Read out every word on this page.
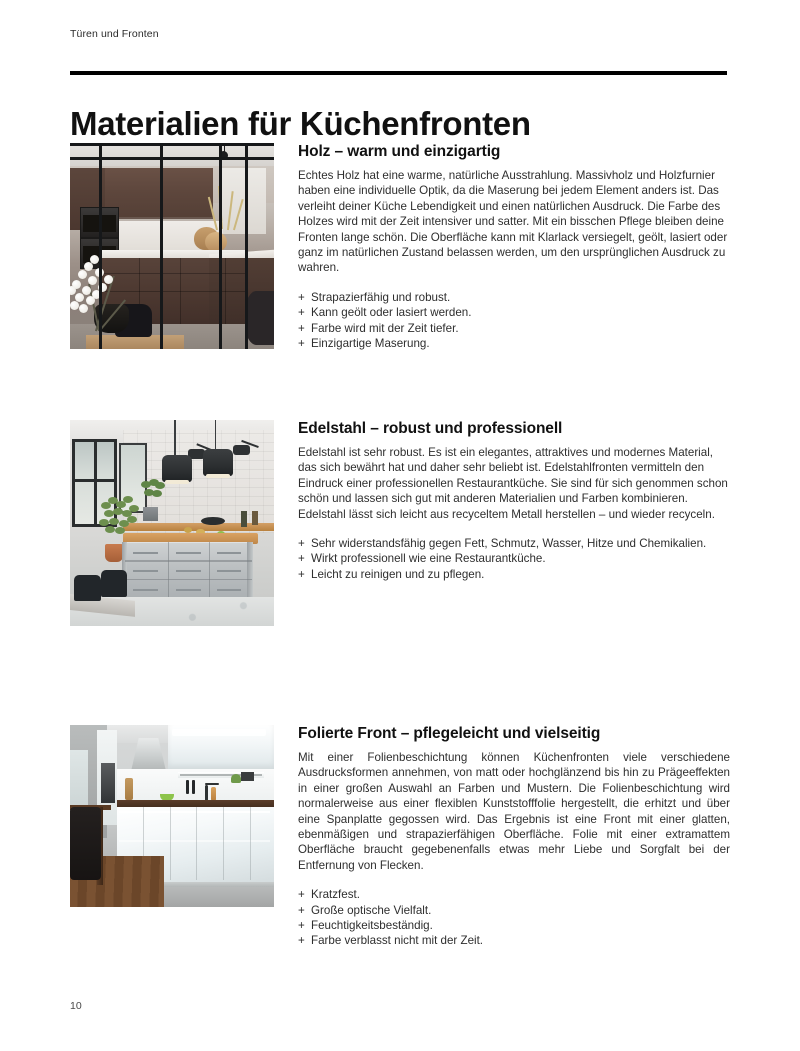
Türen und Fronten
Materialien für Küchenfronten
Holz – warm und einzigartig

Echtes Holz hat eine warme, natürliche Ausstrahlung. Massivholz und Holzfurnier haben eine individuelle Optik, da die Maserung bei jedem Element anders ist. Das verleiht deiner Küche Lebendigkeit und einen natürlichen Ausdruck. Die Farbe des Holzes wird mit der Zeit intensiver und satter. Mit ein bisschen Pflege bleiben deine Fronten lange schön. Die Oberfläche kann mit Klarlack versiegelt, geölt, lasiert oder ganz im natürlichen Zustand belassen werden, um den ursprünglichen Ausdruck zu wahren.

+ Strapazierfähig und robust.
+ Kann geölt oder lasiert werden.
+ Farbe wird mit der Zeit tiefer.
+ Einzigartige Maserung.
Edelstahl – robust und professionell

Edelstahl ist sehr robust. Es ist ein elegantes, attraktives und modernes Material, das sich bewährt hat und daher sehr beliebt ist. Edelstahlfronten vermitteln den Eindruck einer professionellen Restaurantküche. Sie sind für sich genommen schon schön und lassen sich gut mit anderen Materialien und Farben kombinieren. Edelstahl lässt sich leicht aus recyceltem Metall herstellen – und wieder recyceln.

+ Sehr widerstandsfähig gegen Fett, Schmutz, Wasser, Hitze und Chemikalien.
+ Wirkt professionell wie eine Restaurantküche.
+ Leicht zu reinigen und zu pflegen.
Folierte Front – pflegeleicht und vielseitig

Mit einer Folienbeschichtung können Küchenfronten viele verschiedene Ausdrucksformen annehmen, von matt oder hochglänzend bis hin zu Prägeeffekten in einer großen Auswahl an Farben und Mustern. Die Folienbeschichtung wird normalerweise aus einer flexiblen Kunststofffolie hergestellt, die erhitzt und über eine Spanplatte gegossen wird. Das Ergebnis ist eine Front mit einer glatten, ebenmäßigen und strapazierfähigen Oberfläche. Folie mit einer extramattem Oberfläche braucht gegebenenfalls etwas mehr Liebe und Sorgfalt bei der Entfernung von Flecken.

+ Kratzfest.
+ Große optische Vielfalt.
+ Feuchtigkeitsbeständig.
+ Farbe verblasst nicht mit der Zeit.
10
